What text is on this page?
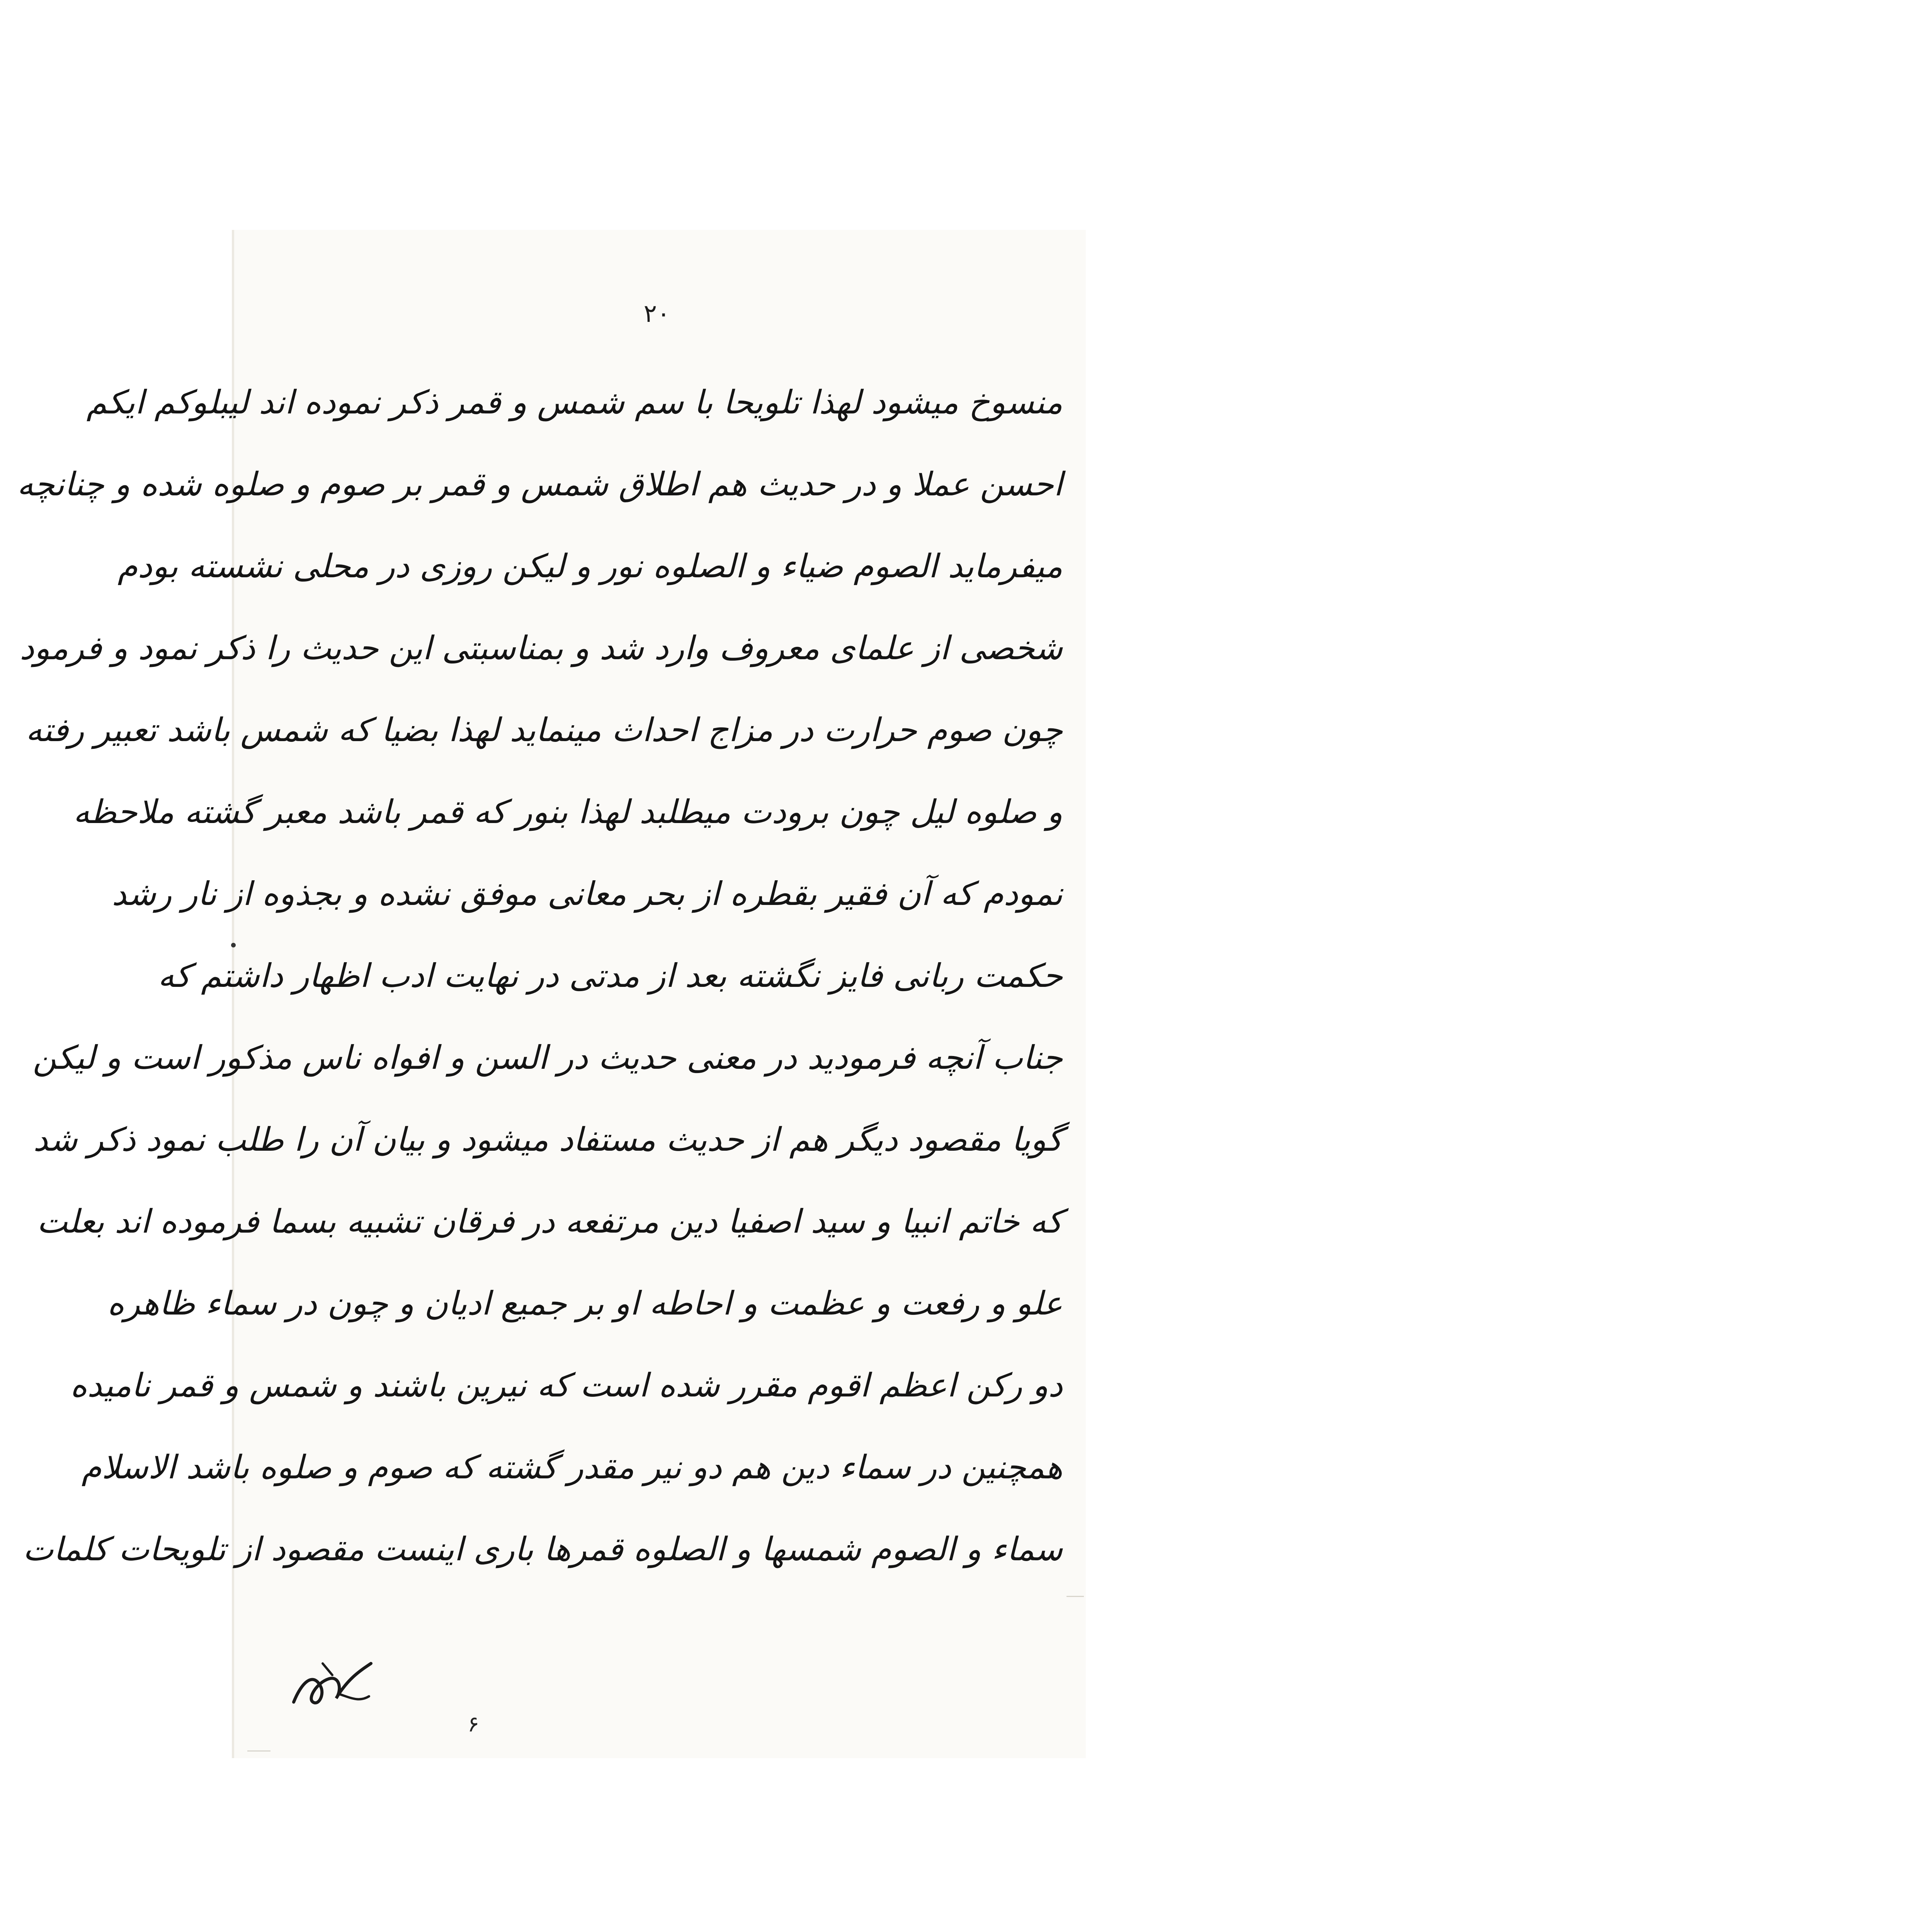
۲۰
منسوخ میشود لهذا تلویحا با سم شمس و قمر ذکر نموده اند لیبلوکم ایکم
احسن عملا و در حدیث هم اطلاق شمس و قمر بر صوم و صلوه شده و چنانچه
میفرماید الصوم ضیاء و الصلوه نور و لیکن روزی در محلی نشسته بودم
شخصی از علمای معروف وارد شد و بمناسبتی این حدیث را ذکر نمود و فرمود
چون صوم حرارت در مزاج احداث مینماید لهذا بضیا که شمس باشد تعبیر رفته
و صلوه لیل چون برودت میطلبد لهذا بنور که قمر باشد معبر گشته ملاحظه
نمودم که آن فقیر بقطره از بحر معانی موفق نشده و بجذوه از نار رشد
حکمت ربانی فایز نگشته بعد از مدتی در نهایت ادب اظهار داشتم که
جناب آنچه فرمودید در معنی حدیث در السن و افواه ناس مذکور است و لیکن
گویا مقصود دیگر هم از حدیث مستفاد میشود و بیان آن را طلب نمود ذکر شد
که خاتم انبیا و سید اصفیا دین مرتفعه در فرقان تشبیه بسما فرموده اند بعلت
علو و رفعت و عظمت و احاطه او بر جمیع ادیان و چون در سماء ظاهره
دو رکن اعظم اقوم مقرر شده است که نیرین باشند و شمس و قمر نامیده
همچنین در سماء دین هم دو نیر مقدر گشته که صوم و صلوه باشد الاسلام
سماء و الصوم شمسها و الصلوه قمرها باری اینست مقصود از تلویحات کلمات
۶
